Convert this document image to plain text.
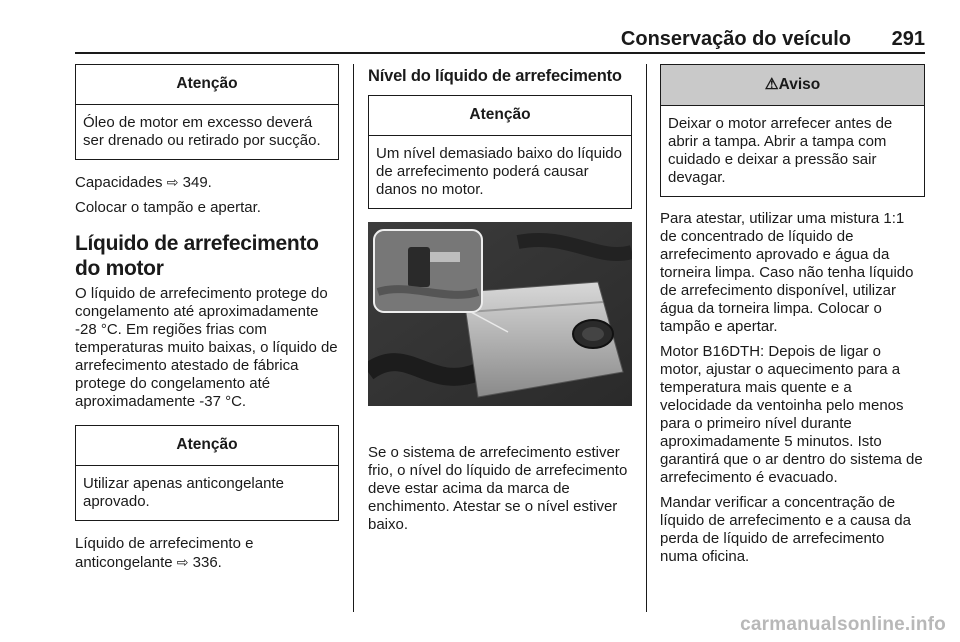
Conservação do veículo 291
Atenção
Óleo de motor em excesso deverá ser drenado ou retirado por sucção.

Capacidades ⇨ 349.

Colocar o tampão e apertar.

Líquido de arrefecimento do motor

O líquido de arrefecimento protege do congelamento até aproximadamente -28 °C. Em regiões frias com temperaturas muito baixas, o líquido de arrefecimento atestado de fábrica protege do congelamento até aproximadamente -37 °C.

Atenção
Utilizar apenas anticongelante aprovado.

Líquido de arrefecimento e anticongelante ⇨ 336.

Nível do líquido de arrefecimento
Atenção
Um nível demasiado baixo do líquido de arrefecimento poderá causar danos no motor.

Se o sistema de arrefecimento estiver frio, o nível do líquido de arrefecimento deve estar acima da marca de enchimento. Atestar se o nível estiver baixo.

⚠Aviso
Deixar o motor arrefecer antes de abrir a tampa. Abrir a tampa com cuidado e deixar a pressão sair devagar.

Para atestar, utilizar uma mistura 1:1 de concentrado de líquido de arrefecimento aprovado e água da torneira limpa. Caso não tenha líquido de arrefecimento disponível, utilizar água da torneira limpa. Colocar o tampão e apertar.

Motor B16DTH: Depois de ligar o motor, ajustar o aquecimento para a temperatura mais quente e a velocidade da ventoinha pelo menos para o primeiro nível durante aproximadamente 5 minutos. Isto garantirá que o ar dentro do sistema de arrefecimento é evacuado.

Mandar verificar a concentração de líquido de arrefecimento e a causa da perda de líquido de arrefecimento numa oficina.

carmanualsonline.info
